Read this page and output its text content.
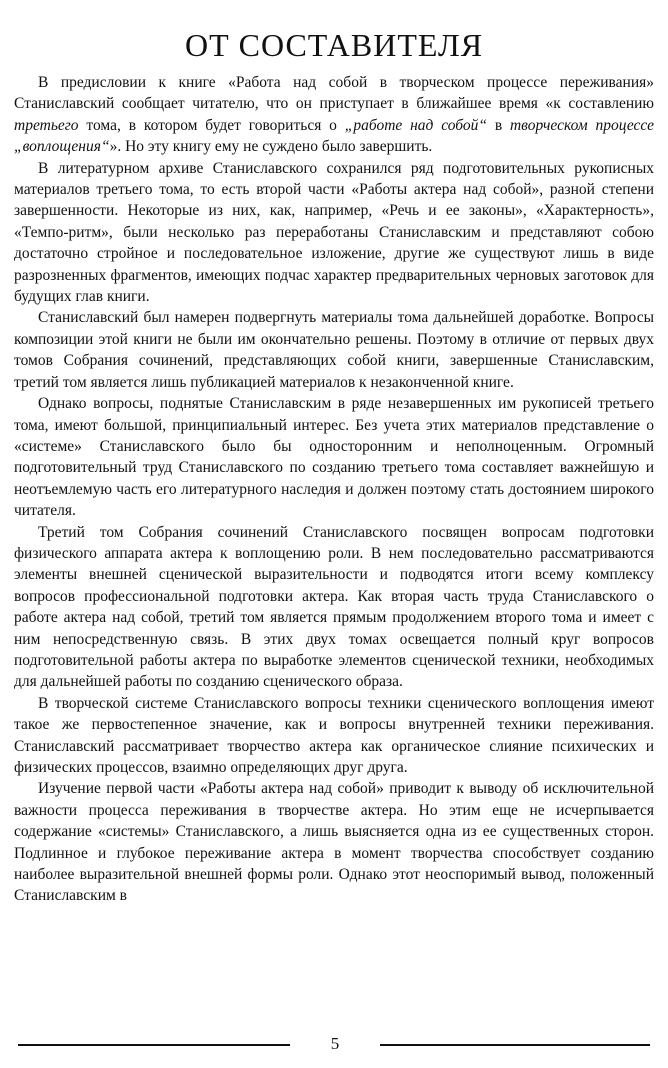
ОТ СОСТАВИТЕЛЯ

В предисловии к книге «Работа над собой в творческом процессе переживания» Станиславский сообщает читателю, что он приступает в ближайшее время «к составлению третьего тома, в котором будет говориться о „работе над собой“ в творческом процессе „воплощения“». Но эту книгу ему не суждено было завершить.

В литературном архиве Станиславского сохранился ряд подготовительных рукописных материалов третьего тома, то есть второй части «Работы актера над собой», разной степени завершенности. Некоторые из них, как, например, «Речь и ее законы», «Характерность», «Темпо-ритм», были несколько раз переработаны Станиславским и представляют собою достаточно стройное и последовательное изложение, другие же существуют лишь в виде разрозненных фрагментов, имеющих подчас характер предварительных черновых заготовок для будущих глав книги.

Станиславский был намерен подвергнуть материалы тома дальнейшей доработке. Вопросы композиции этой книги не были им окончательно решены. Поэтому в отличие от первых двух томов Собрания сочинений, представляющих собой книги, завершенные Станиславским, третий том является лишь публикацией материалов к незаконченной книге.

Однако вопросы, поднятые Станиславским в ряде незавершенных им рукописей третьего тома, имеют большой, принципиальный интерес. Без учета этих материалов представление о «системе» Станиславского было бы односторонним и неполноценным. Огромный подготовительный труд Станиславского по созданию третьего тома составляет важнейшую и неотъемлемую часть его литературного наследия и должен поэтому стать достоянием широкого читателя.

Третий том Собрания сочинений Станиславского посвящен вопросам подготовки физического аппарата актера к воплощению роли. В нем последовательно рассматриваются элементы внешней сценической выразительности и подводятся итоги всему комплексу вопросов профессиональной подготовки актера. Как вторая часть труда Станиславского о работе актера над собой, третий том является прямым продолжением второго тома и имеет с ним непосредственную связь. В этих двух томах освещается полный круг вопросов подготовительной работы актера по выработке элементов сценической техники, необходимых для дальнейшей работы по созданию сценического образа.

В творческой системе Станиславского вопросы техники сценического воплощения имеют такое же первостепенное значение, как и вопросы внутренней техники переживания. Станиславский рассматривает творчество актера как органическое слияние психических и физических процессов, взаимно определяющих друг друга.

Изучение первой части «Работы актера над собой» приводит к выводу об исключительной важности процесса переживания в творчестве актера. Но этим еще не исчерпывается содержание «системы» Станиславского, а лишь выясняется одна из ее существенных сторон. Подлинное и глубокое переживание актера в момент творчества способствует созданию наиболее выразительной внешней формы роли. Однако этот неоспоримый вывод, положенный Станиславским в

5
